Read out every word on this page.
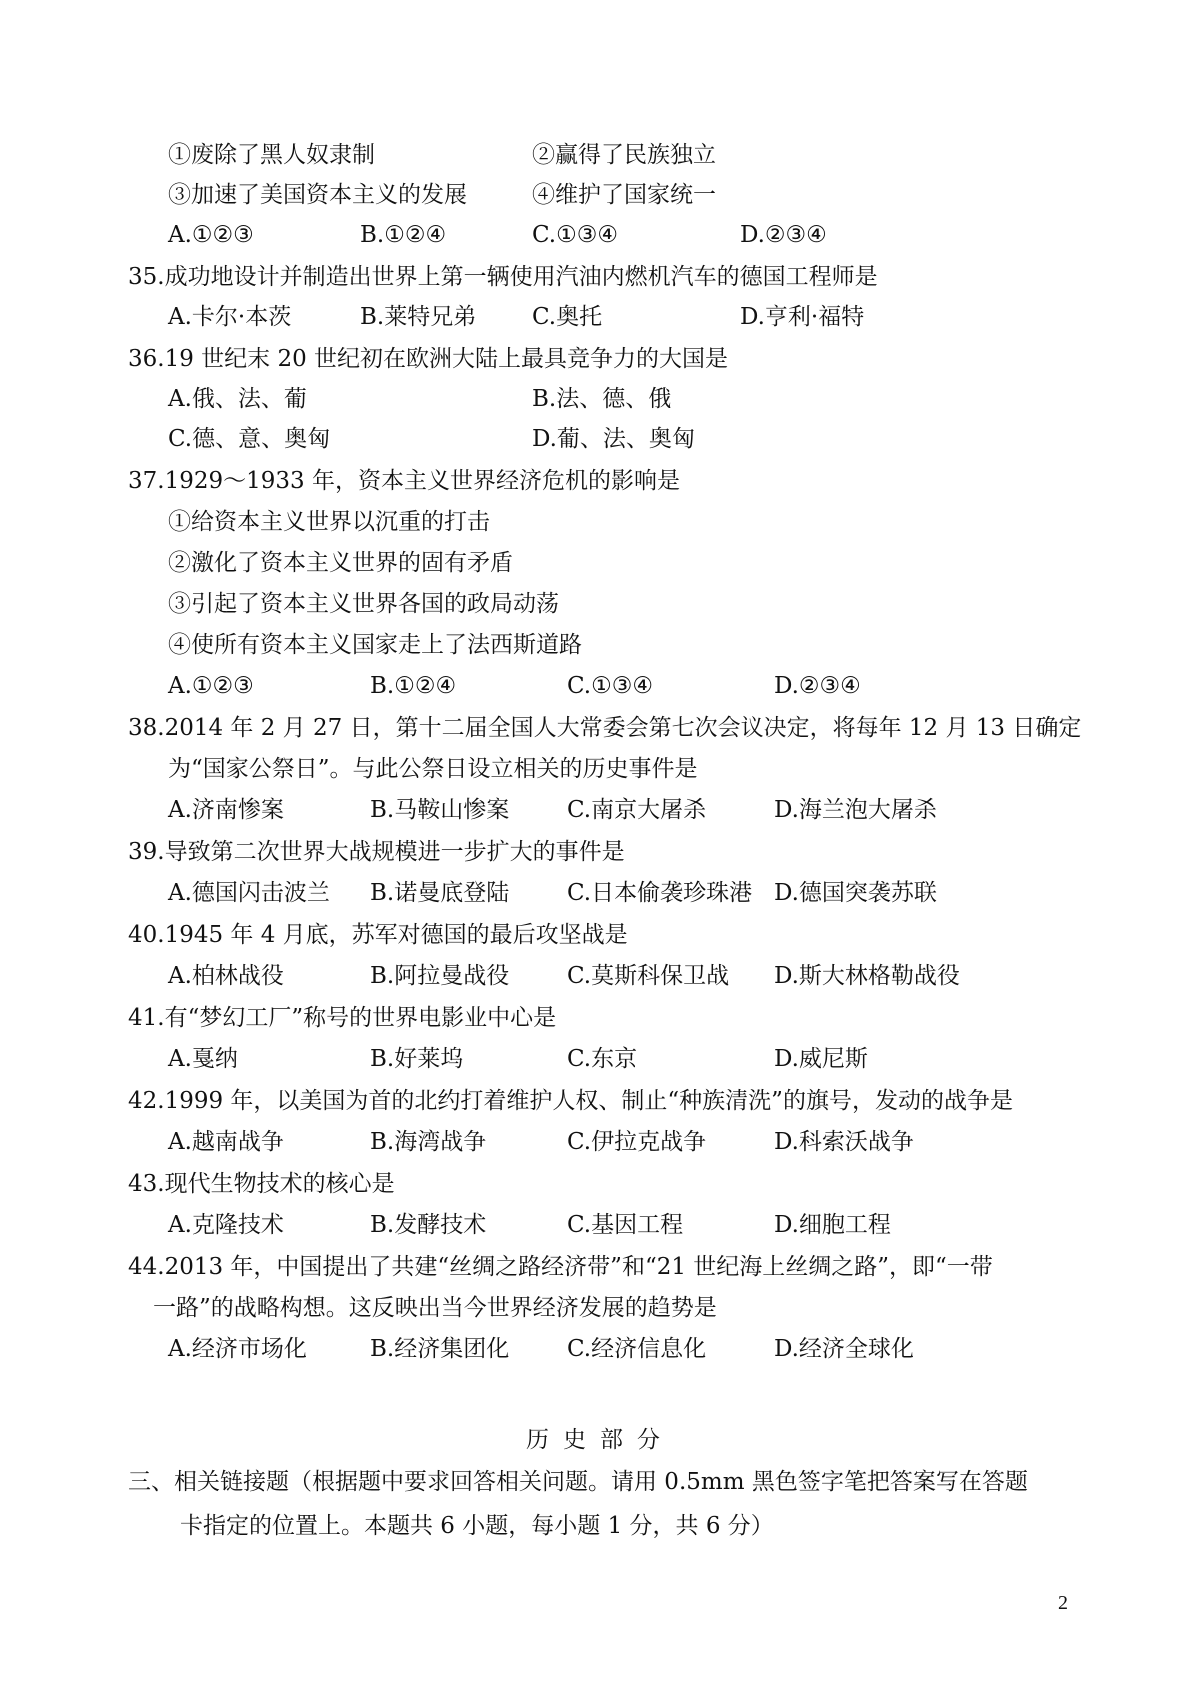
①废除了黑人奴隶制	②赢得了民族独立
③加速了美国资本主义的发展	④维护了国家统一
A.①②③	B.①②④	C.①③④	D.②③④
35.成功地设计并制造出世界上第一辆使用汽油内燃机汽车的德国工程师是
A.卡尔·本茨	B.莱特兄弟 C.奥托	D.亨利·福特
36.19 世纪末 20 世纪初在欧洲大陆上最具竞争力的大国是
A.俄、法、葡	B.法、德、俄
C.德、意、奥匈	D.葡、法、奥匈
37.1929～1933 年，资本主义世界经济危机的影响是
①给资本主义世界以沉重的打击
②激化了资本主义世界的固有矛盾
③引起了资本主义世界各国的政局动荡
④使所有资本主义国家走上了法西斯道路
A.①②③	B.①②④	C.①③④	D.②③④
38.2014 年 2 月 27 日，第十二届全国人大常委会第七次会议决定，将每年 12 月 13 日确定
为“国家公祭日”。与此公祭日设立相关的历史事件是
A.济南惨案	B.马鞍山惨案	C.南京大屠杀	D.海兰泡大屠杀
39.导致第二次世界大战规模进一步扩大的事件是
A.德国闪击波兰 B.诺曼底登陆	C.日本偷袭珍珠港 D.德国突袭苏联
40.1945 年 4 月底，苏军对德国的最后攻坚战是
A.柏林战役	B.阿拉曼战役	C.莫斯科保卫战 D.斯大林格勒战役
41.有“梦幻工厂”称号的世界电影业中心是
A.戛纳	B.好莱坞	C.东京	D.威尼斯
42.1999 年，以美国为首的北约打着维护人权、制止“种族清洗”的旗号，发动的战争是
A.越南战争	B.海湾战争	C.伊拉克战争	D.科索沃战争
43.现代生物技术的核心是
A.克隆技术	B.发酵技术	C.基因工程	D.细胞工程
44.2013 年，中国提出了共建“丝绸之路经济带”和“21 世纪海上丝绸之路”，即“一带
一路”的战略构想。这反映出当今世界经济发展的趋势是
A.经济市场化	B.经济集团化	C.经济信息化	D.经济全球化
历史部分
三、相关链接题（根据题中要求回答相关问题。请用 0.5mm 黑色签字笔把答案写在答题
卡指定的位置上。本题共 6 小题，每小题 1 分，共 6 分）
2
